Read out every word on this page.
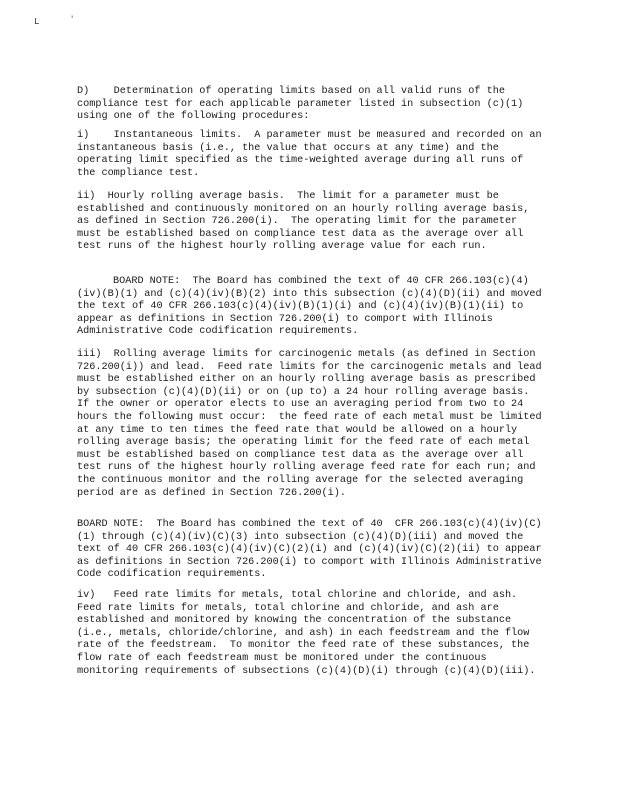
L	'

D)    Determination of operating limits based on all valid runs of the compliance test for each applicable parameter listed in subsection (c)(1) using one of the following procedures:

i)    Instantaneous limits.  A parameter must be measured and recorded on an instantaneous basis (i.e., the value that occurs at any time) and the operating limit specified as the time-weighted average during all runs of the compliance test.

ii)  Hourly rolling average basis.  The limit for a parameter must be established and continuously monitored on an hourly rolling average basis, as defined in Section 726.200(i).  The operating limit for the parameter must be established based on compliance test data as the average over all test runs of the highest hourly rolling average value for each run.

BOARD NOTE:  The Board has combined the text of 40 CFR 266.103(c)(4)(iv)(B)(1) and (c)(4)(iv)(B)(2) into this subsection (c)(4)(D)(ii) and moved the text of 40 CFR 266.103(c)(4)(iv)(B)(1)(i) and (c)(4)(iv)(B)(1)(ii) to appear as definitions in Section 726.200(i) to comport with Illinois Administrative Code codification requirements.

iii)  Rolling average limits for carcinogenic metals (as defined in Section 726.200(i)) and lead.  Feed rate limits for the carcinogenic metals and lead must be established either on an hourly rolling average basis as prescribed by subsection (c)(4)(D)(ii) or on (up to) a 24 hour rolling average basis.  If the owner or operator elects to use an averaging period from two to 24 hours the following must occur:  the feed rate of each metal must be limited at any time to ten times the feed rate that would be allowed on a hourly rolling average basis; the operating limit for the feed rate of each metal must be established based on compliance test data as the average over all test runs of the highest hourly rolling average feed rate for each run; and the continuous monitor and the rolling average for the selected averaging period are as defined in Section 726.200(i).

BOARD NOTE:  The Board has combined the text of 40  CFR 266.103(c)(4)(iv)(C)(1) through (c)(4)(iv)(C)(3) into subsection (c)(4)(D)(iii) and moved the text of 40 CFR 266.103(c)(4)(iv)(C)(2)(i) and (c)(4)(iv)(C)(2)(ii) to appear as definitions in Section 726.200(i) to comport with Illinois Administrative Code codification requirements.

iv)   Feed rate limits for metals, total chlorine and chloride, and ash.  Feed rate limits for metals, total chlorine and chloride, and ash are established and monitored by knowing the concentration of the substance (i.e., metals, chloride/chlorine, and ash) in each feedstream and the flow rate of the feedstream.  To monitor the feed rate of these substances, the flow rate of each feedstream must be monitored under the continuous monitoring requirements of subsections (c)(4)(D)(i) through (c)(4)(D)(iii).
